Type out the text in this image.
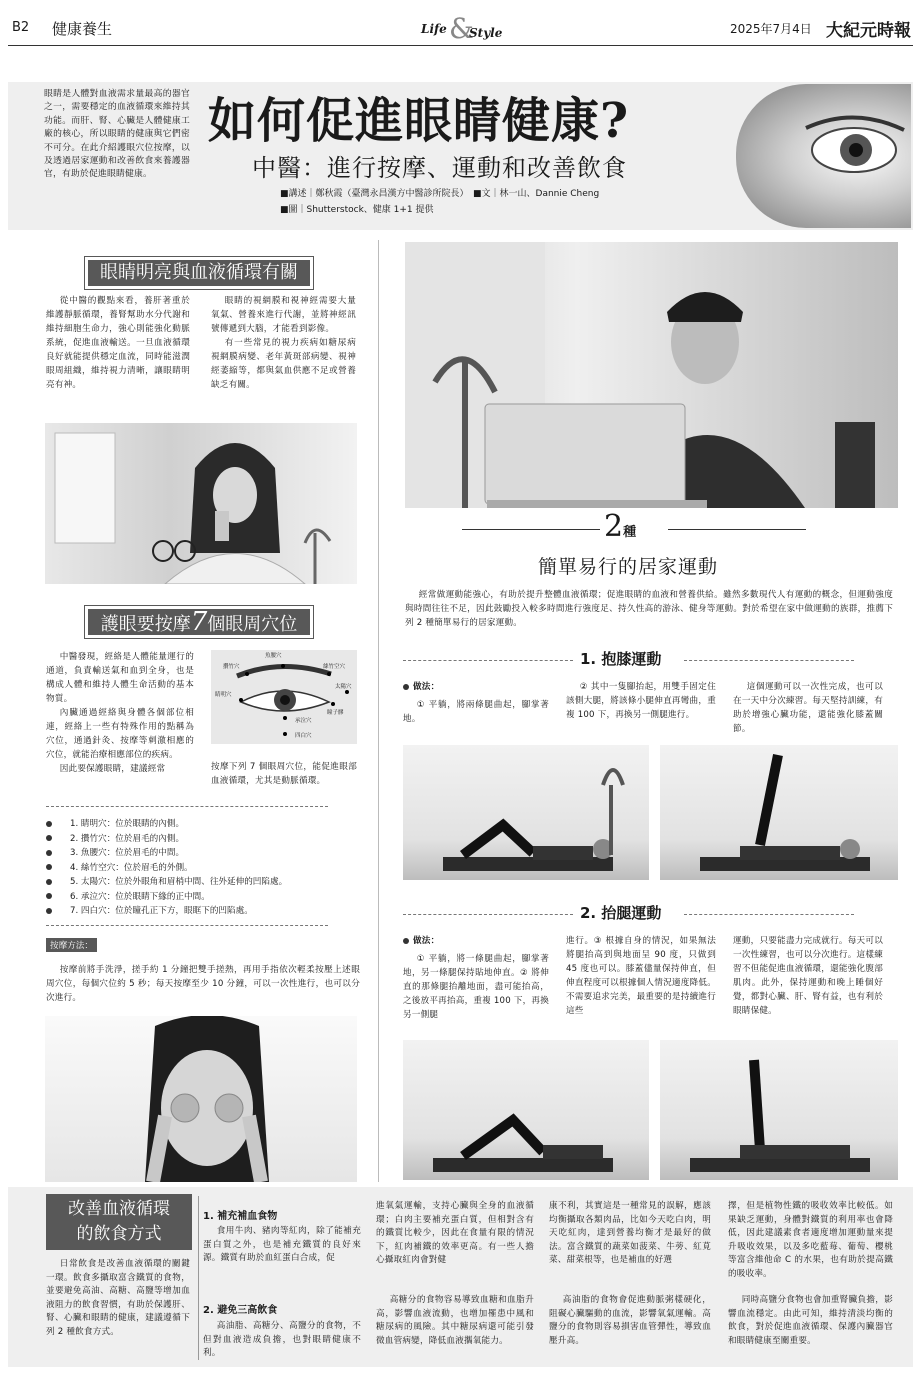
B2 健康養生	Life &
Style	2025年7月4日 大紀元時報
眼睛是人體對血液需求量最高的器官之一，需要穩定的血液循環來維持其功能。而肝、腎、心臟是人體健康工廠的核心，所以眼睛的健康與它們密不可分。在此介紹護眼穴位按摩，以及透過居家運動和改善飲食來養護器官，有助於促進眼睛健康。
如何促進眼睛健康?
中醫：進行按摩、運動和改善飲食
■講述｜鄭秋霞（臺灣永昌漢方中醫診所院長）　■文｜林一山、Dannie Cheng
■圖｜Shutterstock、健康 1+1 提供
眼睛明亮與血液循環有關
從中醫的觀點來看，養肝著重於維護靜脈循環，養腎幫助水分代謝和維持細胞生命力，強心則能強化動脈系統，促進血液輸送。一旦血液循環良好就能提供穩定血流，同時能滋潤眼周組織，維持視力清晰，讓眼睛明亮有神。

眼睛的視網膜和視神經需要大量氧氣、營養來進行代謝，並將神經訊號傳遞到大腦，才能看到影像。

有一些常見的視力疾病如糖尿病視網膜病變、老年黃斑部病變、視神經萎縮等，都與氣血供應不足或營養缺乏有關。

護眼要按摩7個眼周穴位

中醫發現，經絡是人體能量運行的通道，負責輸送氣和血到全身，也是構成人體和維持人體生命活動的基本物質。

內臟通過經絡與身體各個部位相連，經絡上一些有特殊作用的點稱為穴位，通過針灸、按摩等刺激相應的穴位，就能治療相應部位的疾病。

因此要保護眼睛，建議經常

魚腰穴
攢竹穴	絲竹空穴
睛明穴
太陽穴
瞳子髎
承泣穴
四白穴
按摩下列 7 個眼周穴位，能促進眼部血液循環，尤其是動脈循環。
1. 睛明穴：位於眼睛的內側。
2. 攢竹穴：位於眉毛的內側。
3. 魚腰穴：位於眉毛的中間。
4. 絲竹空穴：位於眉毛的外側。
5. 太陽穴：位於外眼角和眉梢中間、往外延伸的凹陷處。
6. 承泣穴：位於眼睛下緣的正中間。
7. 四白穴：位於瞳孔正下方，眼眶下的凹陷處。
按摩方法：
按摩前將手洗淨，搓手約 1 分鐘把雙手搓熱，再用手指依次輕柔按壓上述眼周穴位，每個穴位約 5 秒；每天按摩至少 10 分鐘，可以一次性進行，也可以分次進行。
2種
簡單易行的居家運動
經常做運動能強心，有助於提升整體血液循環；促進眼睛的血液和營養供給。雖然多數現代人有運動的概念，但運動強度與時間往往不足，因此鼓勵投入較多時間進行強度足、持久性高的游泳、健身等運動。對於希望在家中做運動的族群，推薦下列 2 種簡單易行的居家運動。
1. 抱膝運動
做法：

① 平躺，將兩條腿曲起，腳掌著地。

② 其中一隻腳抬起，用雙手固定住該側大腿，將該條小腿伸直再彎曲，重複 100 下，再換另一側腿進行。
這個運動可以一次性完成，也可以在一天中分次練習。每天堅持訓練，有助於增強心臟功能，還能強化膝蓋關節。
2. 抬腿運動
做法：

① 平躺，將一條腿曲起，腳掌著地，另一條腿保持貼地伸直。② 將伸直的那條腿抬離地面，盡可能抬高，之後放平再抬高，重複 100 下，再換另一側腿

進行。③ 根據自身的情況，如果無法將腿抬高到與地面呈 90 度，只做到 45 度也可以。膝蓋儘量保持伸直，但伸直程度可以根據個人情況適度降低。不需要追求完美，最重要的是持續進行這些
運動，只要能盡力完成就行。每天可以一次性練習，也可以分次進行。這樣練習不但能促進血液循環，還能強化腹部肌肉。此外，保持運動和晚上睡個好覺，都對心臟、肝、腎有益，也有利於眼睛保健。
改善血液循環
的飲食方式
日常飲食是改善血液循環的關鍵一環。飲食多攝取富含鐵質的食物，並要避免高油、高糖、高鹽等增加血液阻力的飲食習慣，有助於保護肝、腎、心臟和眼睛的健康，建議遵循下列 2 種飲食方式。
1. 補充補血食物
食用牛肉、豬肉等紅肉，除了能補充蛋白質之外，也是補充鐵質的良好來源。鐵質有助於血紅蛋白合成，促
進氧氣運輸，支持心臟與全身的血液循環；白肉主要補充蛋白質，但相對含有的鐵質比較少，因此在食量有限的情況下，紅肉補鐵的效率更高。有一些人擔心攝取紅肉會對健
康不利，其實這是一種常見的誤解，應該均衡攝取各類肉品，比如今天吃白肉，明天吃紅肉，達到營養均衡才是最好的做法。富含鐵質的蔬菜如菠菜、牛蒡、紅莧菜、甜菜根等，也是補血的好選
擇，但是植物性鐵的吸收效率比較低。如果缺乏運動，身體對鐵質的利用率也會降低，因此建議素食者適度增加運動量來提升吸收效果，以及多吃藍莓、葡萄、櫻桃等富含維他命 C 的水果，也有助於提高鐵的吸收率。
2. 避免三高飲食
高油脂、高糖分、高鹽分的食物，不但對血液造成負擔，也對眼睛健康不利。
高糖分的食物容易導致血糖和血脂升高，影響血液流動，也增加罹患中風和糖尿病的風險。其中糖尿病還可能引發微血管病變，降低血液攜氧能力。
高油脂的食物會促進動脈粥樣硬化，阻礙心臟驅動的血流，影響氧氣運輸。高鹽分的食物則容易損害血管彈性，導致血壓升高。
同時高鹽分食物也會加重腎臟負擔，影響血流穩定。由此可知，維持清淡均衡的飲食，對於促進血液循環、保護內臟器官和眼睛健康至關重要。
